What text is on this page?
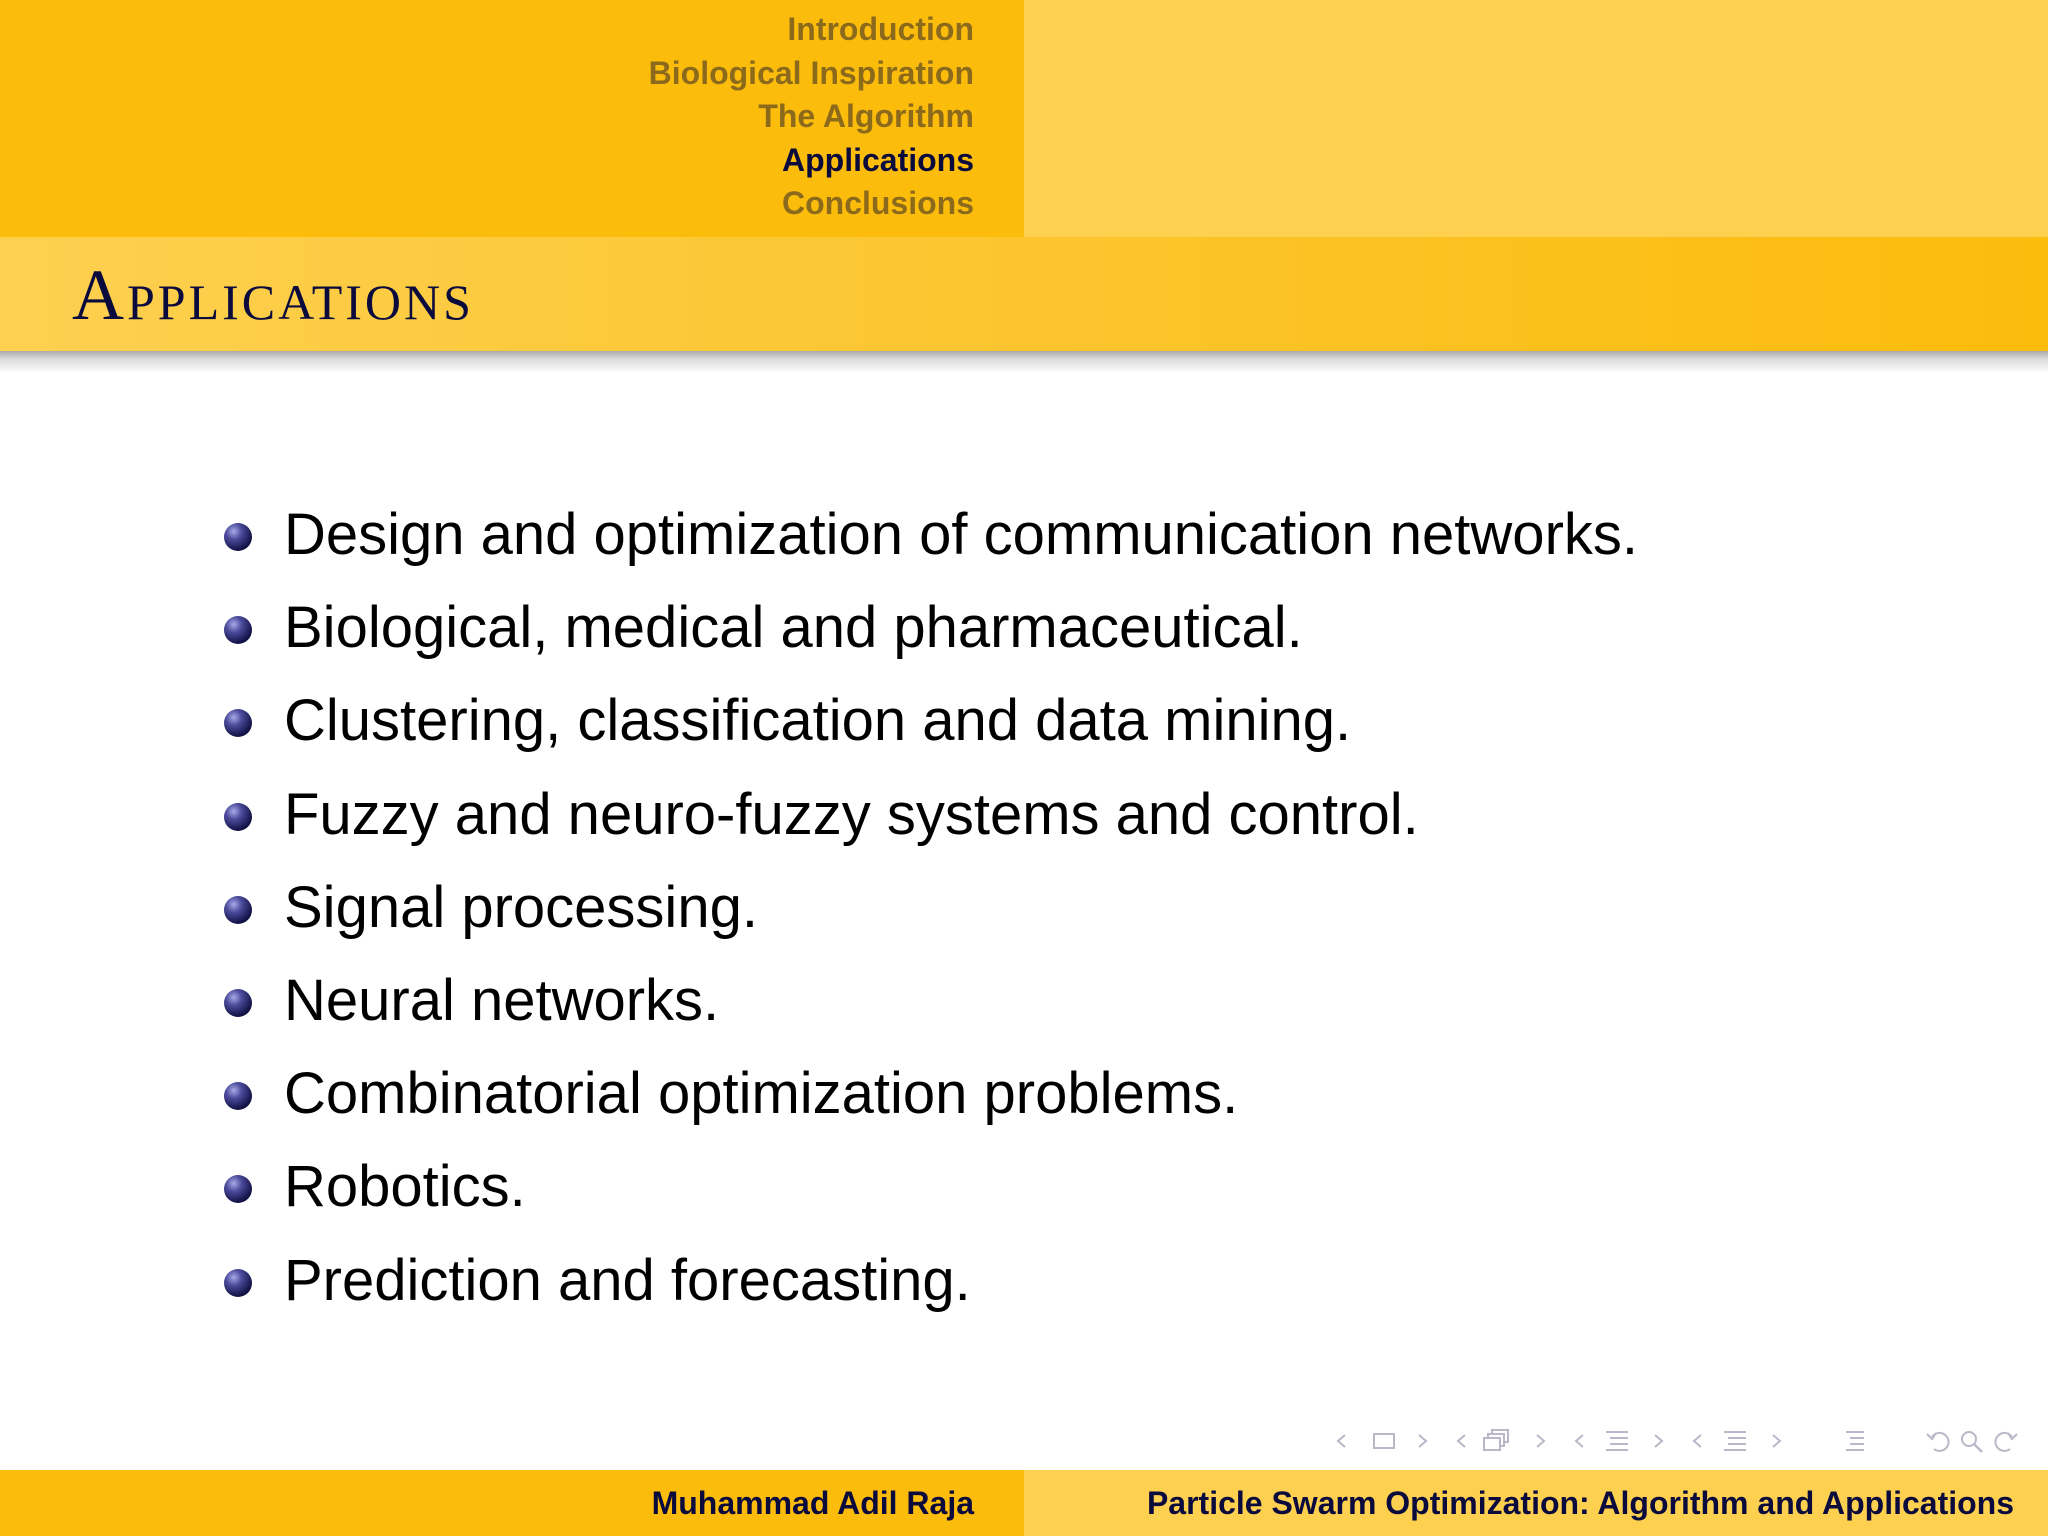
Introduction
Biological Inspiration
The Algorithm
Applications
Conclusions
Applications
Design and optimization of communication networks.
Biological, medical and pharmaceutical.
Clustering, classification and data mining.
Fuzzy and neuro-fuzzy systems and control.
Signal processing.
Neural networks.
Combinatorial optimization problems.
Robotics.
Prediction and forecasting.
Muhammad Adil Raja	Particle Swarm Optimization: Algorithm and Applications
